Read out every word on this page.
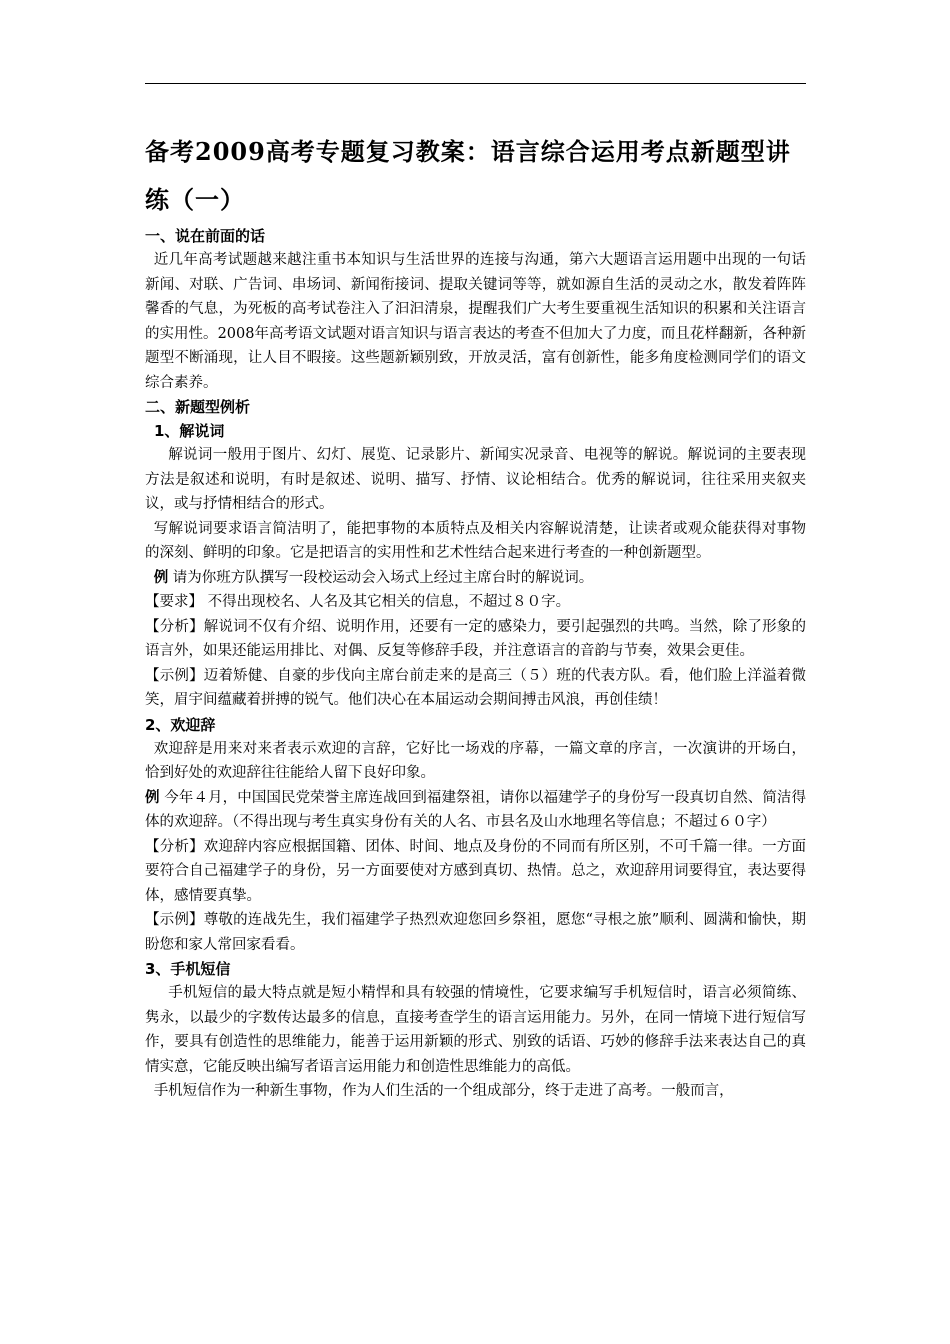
备考2009高考专题复习教案：语言综合运用考点新题型讲练（一）

一、说在前面的话

近几年高考试题越来越注重书本知识与生活世界的连接与沟通，第六大题语言运用题中出现的一句话新闻、对联、广告词、串场词、新闻衔接词、提取关键词等等，就如源自生活的灵动之水，散发着阵阵馨香的气息，为死板的高考试卷注入了汩汩清泉，提醒我们广大考生要重视生活知识的积累和关注语言的实用性。2008年高考语文试题对语言知识与语言表达的考查不但加大了力度，而且花样翻新，各种新题型不断涌现，让人目不暇接。这些题新颖别致，开放灵活，富有创新性，能多角度检测同学们的语文综合素养。

二、新题型例析

1、解说词

解说词一般用于图片、幻灯、展览、记录影片、新闻实况录音、电视等的解说。解说词的主要表现方法是叙述和说明，有时是叙述、说明、描写、抒情、议论相结合。优秀的解说词，往往采用夹叙夹议，或与抒情相结合的形式。

写解说词要求语言简洁明了，能把事物的本质特点及相关内容解说清楚，让读者或观众能获得对事物的深刻、鲜明的印象。它是把语言的实用性和艺术性结合起来进行考查的一种创新题型。

例 请为你班方队撰写一段校运动会入场式上经过主席台时的解说词。

【要求】 不得出现校名、人名及其它相关的信息，不超过８０字。

【分析】解说词不仅有介绍、说明作用，还要有一定的感染力，要引起强烈的共鸣。当然，除了形象的语言外，如果还能运用排比、对偶、反复等修辞手段，并注意语言的音韵与节奏，效果会更佳。

【示例】迈着矫健、自豪的步伐向主席台前走来的是高三（５）班的代表方队。看，他们脸上洋溢着微笑，眉宇间蕴藏着拼搏的锐气。他们决心在本届运动会期间搏击风浪，再创佳绩！

2、欢迎辞

欢迎辞是用来对来者表示欢迎的言辞，它好比一场戏的序幕，一篇文章的序言，一次演讲的开场白，恰到好处的欢迎辞往往能给人留下良好印象。

例 今年４月，中国国民党荣誉主席连战回到福建祭祖，请你以福建学子的身份写一段真切自然、简洁得体的欢迎辞。（不得出现与考生真实身份有关的人名、市县名及山水地理名等信息；不超过６０字）

【分析】欢迎辞内容应根据国籍、团体、时间、地点及身份的不同而有所区别，不可千篇一律。一方面要符合自己福建学子的身份，另一方面要使对方感到真切、热情。总之，欢迎辞用词要得宜，表达要得体，感情要真挚。

【示例】尊敬的连战先生，我们福建学子热烈欢迎您回乡祭祖，愿您“寻根之旅”顺利、圆满和愉快，期盼您和家人常回家看看。

3、手机短信

手机短信的最大特点就是短小精悍和具有较强的情境性，它要求编写手机短信时，语言必须简练、隽永，以最少的字数传达最多的信息，直接考查学生的语言运用能力。另外，在同一情境下进行短信写作，要具有创造性的思维能力，能善于运用新颖的形式、别致的话语、巧妙的修辞手法来表达自己的真情实意，它能反映出编写者语言运用能力和创造性思维能力的高低。

手机短信作为一种新生事物，作为人们生活的一个组成部分，终于走进了高考。一般而言，
